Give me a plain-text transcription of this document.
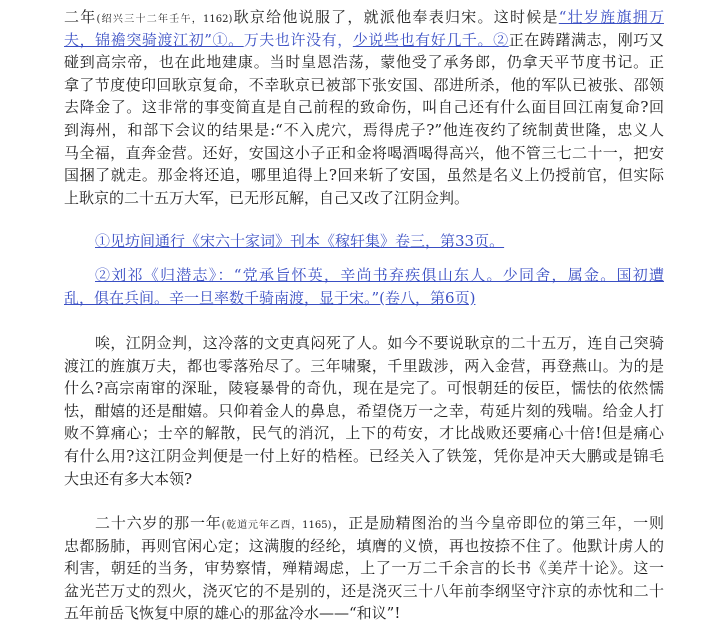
二年(绍兴三十二年壬午，1162)耿京给他说服了，就派他奉表归宋。这时候是“壮岁旌旗拥万
夫，锦襜突骑渡江初”①。万夫也许没有，少说些也有好几千。②正在踌躇满志，刚巧又
碰到高宗帝，也在此地建康。当时皇恩浩荡，蒙他受了承务郎，仍拿天平节度书记。正
拿了节度使印回耿京复命，不幸耿京已被部下张安国、邵进所杀，他的军队已被张、邵领
去降金了。这非常的事变简直是自己前程的致命伤，叫自己还有什么面目回江南复命?回
到海州，和部下会议的结果是:“不入虎穴，焉得虎子?”他连夜约了统制黄世隆，忠义人
马全福，直奔金营。还好，安国这小子正和金将喝酒喝得高兴，他不管三七二十一，把安
国捆了就走。那金将还追，哪里追得上?回来斩了安国，虽然是名义上仍授前官，但实际
上耿京的二十五万大军，已无形瓦解，自己又改了江阴佥判。
①见坊间通行《宋六十家词》刊本《稼轩集》卷三，第33页。
②刘祁《归潜志》：“党承旨怀英，辛尚书弃疾俱山东人。少同舍，属金。国初遭
乱，俱在兵间。辛一旦率数千骑南渡，显于宋。”(卷八，第6页)
唉，江阴佥判，这冷落的文吏真闷死了人。如今不要说耿京的二十五万，连自己突骑
渡江的旌旗万夫，都也零落殆尽了。三年啸聚，千里跋涉，两入金营，再登燕山。为的是
什么?高宗南窜的深耻，陵寝暴骨的奇仇，现在是完了。可恨朝廷的佞臣，懦怯的依然懦
怯，酣嬉的还是酣嬉。只仰着金人的鼻息，希望侥万一之幸，苟延片刻的残喘。给金人打
败不算痛心；士卒的解散，民气的消沉，上下的苟安，才比战败还要痛心十倍!但是痛心
有什么用?这江阴佥判便是一付上好的梏桎。已经关入了铁笼，凭你是冲天大鹏或是锦毛
大虫还有多大本领?
二十六岁的那一年(乾道元年乙酉，1165)，正是励精图治的当今皇帝即位的第三年，一则
忠都肠肺，再则官闲心定；这满腹的经纶，填膺的义愤，再也按捺不住了。他默计虏人的
利害，朝廷的当务，审势察情，殚精竭虑，上了一万二千余言的长书《美芹十论》。这一
盆光芒万丈的烈火，浇灭它的不是别的，还是浇灭三十八年前李纲坚守汴京的赤忱和二十
五年前岳飞恢复中原的雄心的那盆冷水——“和议”!
